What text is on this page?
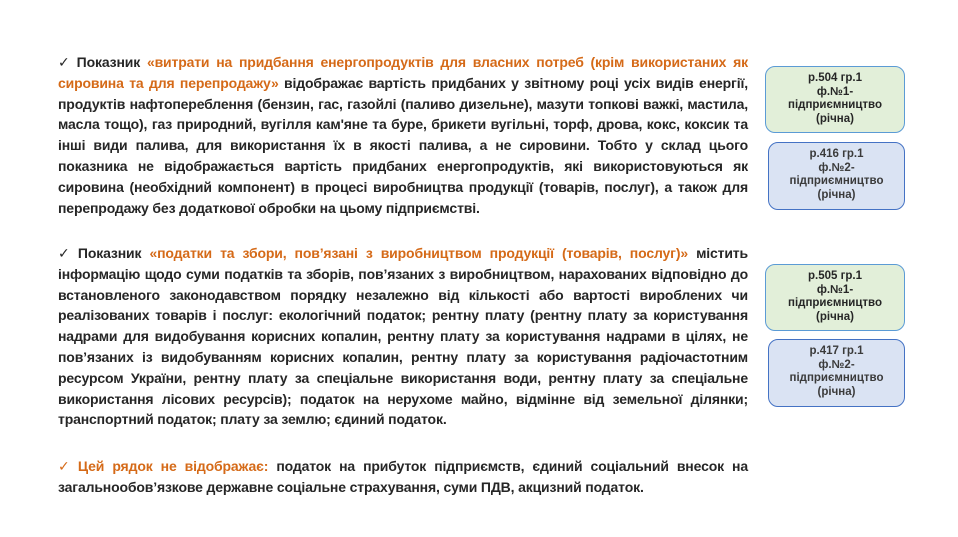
✓ Показник «витрати на придбання енергопродуктів для власних потреб (крім використаних як сировина та для перепродажу» відображає вартість придбаних у звітному році усіх видів енергії, продуктів нафтопереблення (бензин, гас, газойлі (паливо дизельне), мазути топкові важкі, мастила, масла тощо), газ природний, вугілля кам'яне та буре, брикети вугільні, торф, дрова, кокс, коксик та інші види палива, для використання їх в якості палива, а не сировини. Тобто у склад цього показника не відображається вартість придбаних енергопродуктів, які використовуються як сировина (необхідний компонент) в процесі виробництва продукції (товарів, послуг), а також для перепродажу без додаткової обробки на цьому підприємстві.
✓ Показник «податки та збори, пов’язані з виробництвом продукції (товарів, послуг)» містить інформацію щодо суми податків та зборів, пов’язаних з виробництвом, нарахованих відповідно до встановленого законодавством порядку незалежно від кількості або вартості вироблених чи реалізованих товарів і послуг: екологічний податок; рентну плату (рентну плату за користування надрами для видобування корисних копалин, рентну плату за користування надрами в цілях, не пов’язаних із видобуванням корисних копалин, рентну плату за користування радіочастотним ресурсом України, рентну плату за спеціальне використання води, рентну плату за спеціальне використання лісових ресурсів); податок на нерухоме майно, відмінне від земельної ділянки; транспортний податок; плату за землю; єдиний податок.
✓ Цей рядок не відображає: податок на прибуток підприємств, єдиний соціальний внесок на загальнообов’язкове державне соціальне страхування, суми ПДВ, акцизний податок.
р.504 гр.1
ф.№1-
підприємництво
(річна)
р.416 гр.1
ф.№2-
підприємництво
(річна)
р.505 гр.1
ф.№1-
підприємництво
(річна)
р.417 гр.1
ф.№2-
підприємництво
(річна)
